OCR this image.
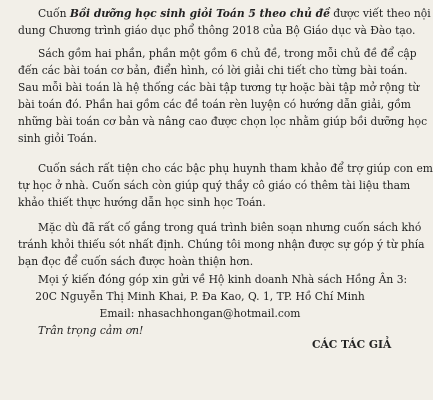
Cuốn Bồi dưỡng học sinh giỏi Toán 5 theo chủ đề được viết theo nội
dung Chương trình giáo dục phổ thông 2018 của Bộ Giáo dục và Đào tạo.
Sách gồm hai phần, phần một gồm 6 chủ đề, trong mỗi chủ đề để cập
đến các bài toán cơ bản, điển hình, có lời giải chi tiết cho từng bài toán.
Sau mỗi bài toán là hệ thống các bài tập tương tự hoặc bài tập mở rộng từ
bài toán đó. Phần hai gồm các đề toán rèn luyện có hướng dẫn giải, gồm
những bài toán cơ bản và nâng cao được chọn lọc nhằm giúp bồi dưỡng học
sinh giỏi Toán.
Cuốn sách rất tiện cho các bậc phụ huynh tham khảo để trợ giúp con em
tự học ở nhà. Cuốn sách còn giúp quý thầy cô giáo có thêm tài liệu tham
khảo thiết thực hướng dẫn học sinh học Toán.
Mặc dù đã rất cố gắng trong quá trình biên soạn nhưng cuốn sách khó
tránh khỏi thiếu sót nhất định. Chúng tôi mong nhận được sự góp ý từ phía
bạn đọc để cuốn sách được hoàn thiện hơn.
Mọi ý kiến đóng góp xin gửi về Hộ kinh doanh Nhà sách Hồng Ân 3:
20C Nguyễn Thị Minh Khai, P. Đa Kao, Q. 1, TP. Hồ Chí Minh
Email: nhasachhongan@hotmail.com
Trân trọng cảm ơn!
CÁC TÁC GIẢ
